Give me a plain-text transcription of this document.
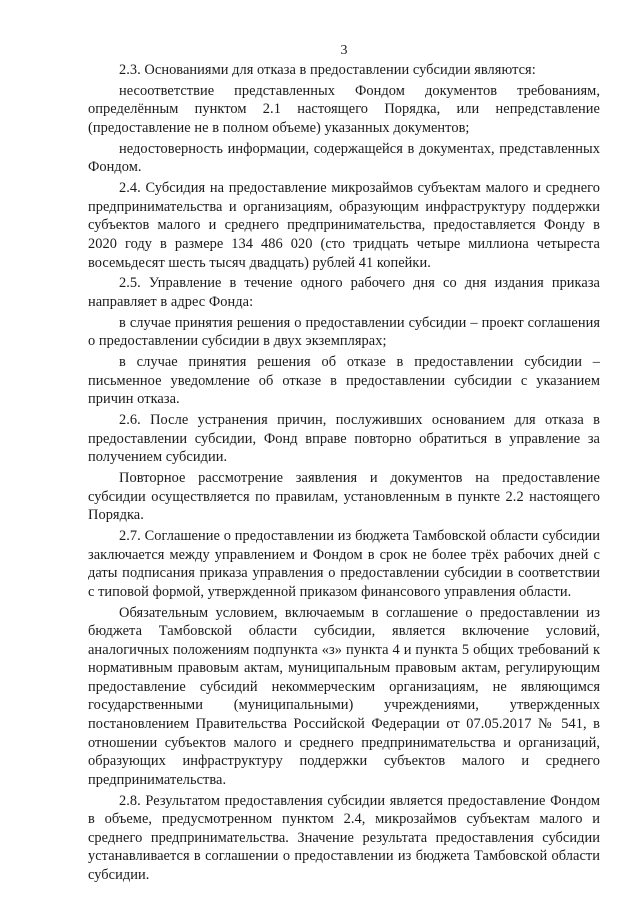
3

2.3. Основаниями для отказа в предоставлении субсидии являются:

несоответствие представленных Фондом документов требованиям, определённым пунктом 2.1 настоящего Порядка, или непредставление (предоставление не в полном объеме) указанных документов;

недостоверность информации, содержащейся в документах, представленных Фондом.

2.4. Субсидия на предоставление микрозаймов субъектам малого и среднего предпринимательства и организациям, образующим инфраструктуру поддержки субъектов малого и среднего предпринимательства, предоставляется Фонду в 2020 году в размере 134 486 020 (сто тридцать четыре миллиона четыреста восемьдесят шесть тысяч двадцать) рублей 41 копейки.

2.5. Управление в течение одного рабочего дня со дня издания приказа направляет в адрес Фонда:

в случае принятия решения о предоставлении субсидии – проект соглашения о предоставлении субсидии в двух экземплярах;

в случае принятия решения об отказе в предоставлении субсидии – письменное уведомление об отказе в предоставлении субсидии с указанием причин отказа.

2.6. После устранения причин, послуживших основанием для отказа в предоставлении субсидии, Фонд вправе повторно обратиться в управление за получением субсидии.

Повторное рассмотрение заявления и документов на предоставление субсидии осуществляется по правилам, установленным в пункте 2.2 настоящего Порядка.

2.7. Соглашение о предоставлении из бюджета Тамбовской области субсидии заключается между управлением и Фондом в срок не более трёх рабочих дней с даты подписания приказа управления о предоставлении субсидии в соответствии с типовой формой, утвержденной приказом финансового управления области.

Обязательным условием, включаемым в соглашение о предоставлении из бюджета Тамбовской области субсидии, является включение условий, аналогичных положениям подпункта «з» пункта 4 и пункта 5 общих требований к нормативным правовым актам, муниципальным правовым актам, регулирующим предоставление субсидий некоммерческим организациям, не являющимся государственными (муниципальными) учреждениями, утвержденных постановлением Правительства Российской Федерации от 07.05.2017 № 541, в отношении субъектов малого и среднего предпринимательства и организаций, образующих инфраструктуру поддержки субъектов малого и среднего предпринимательства.

2.8. Результатом предоставления субсидии является предоставление Фондом в объеме, предусмотренном пунктом 2.4, микрозаймов субъектам малого и среднего предпринимательства. Значение результата предоставления субсидии устанавливается в соглашении о предоставлении из бюджета Тамбовской области субсидии.
